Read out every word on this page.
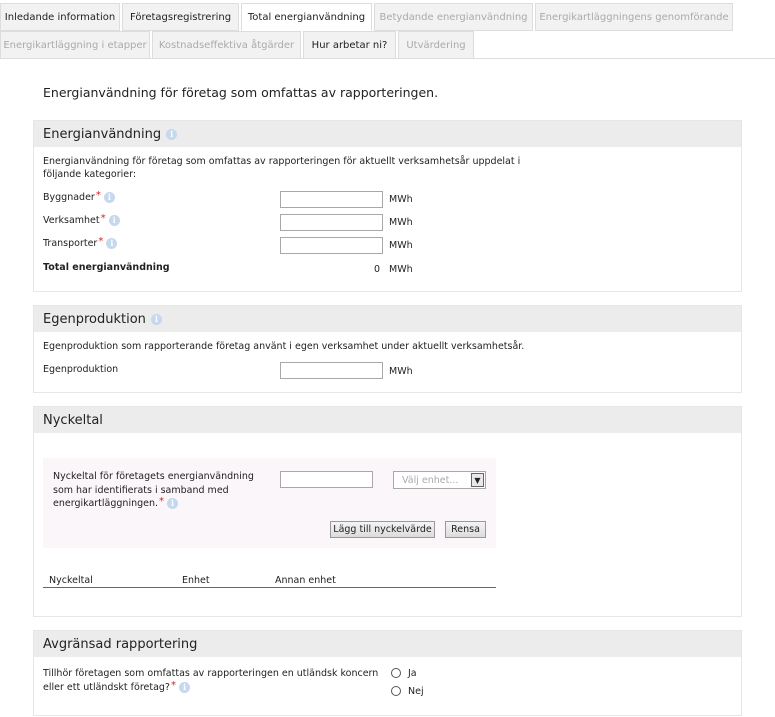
Inledande information	Företagsregistrering	Total energianvändning	Betydande energianvändning	Energikartläggningens genomförande
Energikartläggning i etapper	Kostnadseffektiva åtgärder	Hur arbetar ni?	Utvärdering
Energianvändning för företag som omfattas av rapporteringen.
Energianvändning	i
Energianvändning för företag som omfattas av rapporteringen för aktuellt verksamhetsår uppdelat i följande kategorier:
Byggnader* i	MWh
Verksamhet* i	MWh
Transporter* i	MWh
Total energianvändning	0 MWh
Egenproduktion	i
Egenproduktion som rapporterande företag använt i egen verksamhet under aktuellt verksamhetsår.
Egenproduktion	MWh
Nyckeltal
Nyckeltal för företagets energianvändning som har identifierats i samband med energikartläggningen.* i
Välj enhet...	▼
Lägg till nyckelvärde	Rensa
Nyckeltal	Enhet	Annan enhet
Avgränsad rapportering
Tillhör företagen som omfattas av rapporteringen en utländsk koncern eller ett utländskt företag?* i
Ja
Nej
